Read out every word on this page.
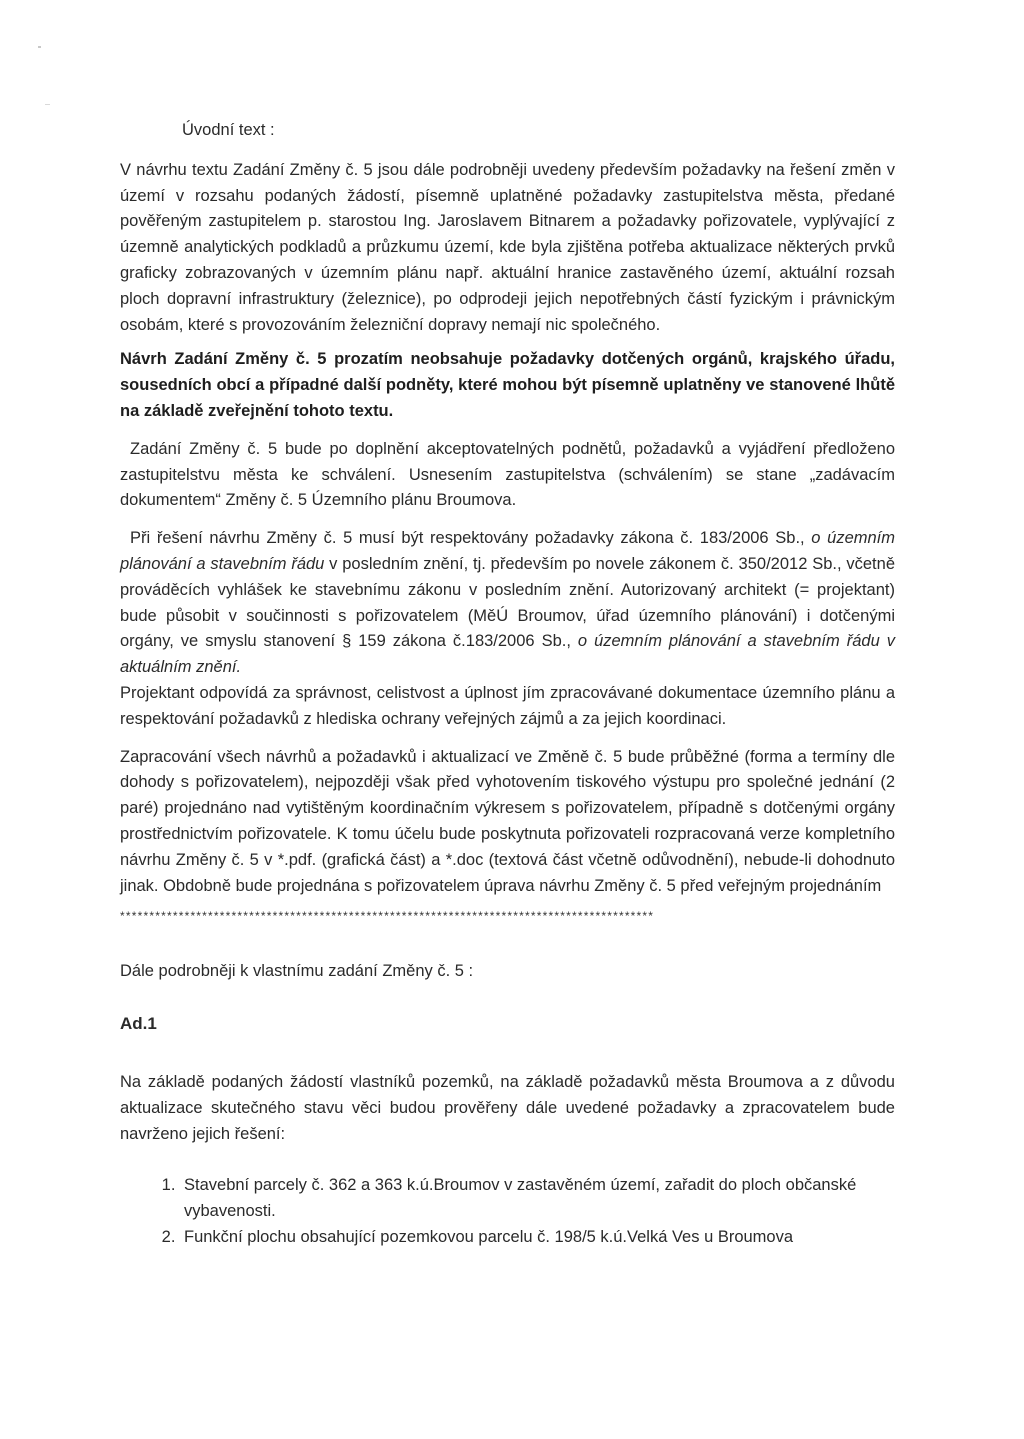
Úvodní text :

V návrhu textu Zadání Změny č. 5 jsou dále podrobněji uvedeny především požadavky na řešení změn v území v rozsahu podaných žádostí, písemně uplatněné požadavky zastupitelstva města, předané pověřeným zastupitelem p. starostou Ing. Jaroslavem Bitnarem a požadavky pořizovatele, vyplývající z územně analytických podkladů a průzkumu území, kde byla zjištěna potřeba aktualizace některých prvků graficky zobrazovaných v územním plánu např. aktuální hranice zastavěného území, aktuální rozsah ploch dopravní infrastruktury (železnice), po odprodeji jejich nepotřebných částí fyzickým i právnickým osobám, které s provozováním železniční dopravy nemají nic společného.

Návrh Zadání Změny č. 5 prozatím neobsahuje požadavky dotčených orgánů, krajského úřadu, sousedních obcí a případné další podněty, které mohou být písemně uplatněny ve stanovené lhůtě na základě zveřejnění tohoto textu.

Zadání Změny č. 5 bude po doplnění akceptovatelných podnětů, požadavků a vyjádření předloženo zastupitelstvu města ke schválení. Usnesením zastupitelstva (schválením) se stane „zadávacím dokumentem“ Změny č. 5 Územního plánu Broumova.

Při řešení návrhu Změny č. 5 musí být respektovány požadavky zákona č. 183/2006 Sb., o územním plánování a stavebním řádu v posledním znění, tj. především po novele zákonem č. 350/2012 Sb., včetně prováděcích vyhlášek ke stavebnímu zákonu v posledním znění. Autorizovaný architekt (= projektant) bude působit v součinnosti s pořizovatelem (MěÚ Broumov, úřad územního plánování) i dotčenými orgány, ve smyslu stanovení § 159 zákona č.183/2006 Sb., o územním plánování a stavebním řádu v aktuálním znění.

Projektant odpovídá za správnost, celistvost a úplnost jím zpracovávané dokumentace územního plánu a respektování požadavků z hlediska ochrany veřejných zájmů a za jejich koordinaci.

Zapracování všech návrhů a požadavků i aktualizací ve Změně č. 5 bude průběžné (forma a termíny dle dohody s pořizovatelem), nejpozději však před vyhotovením tiskového výstupu pro společné jednání (2 paré) projednáno nad vytištěným koordinačním výkresem s pořizovatelem, případně s dotčenými orgány prostřednictvím pořizovatele. K tomu účelu bude poskytnuta pořizovateli rozpracovaná verze kompletního návrhu Změny č. 5 v *.pdf. (grafická část) a *.doc (textová část včetně odůvodnění), nebude-li dohodnuto jinak. Obdobně bude projednána s pořizovatelem úprava návrhu Změny č. 5 před veřejným projednáním

*******************************************************************************************

Dále podrobněji k vlastnímu zadání Změny č. 5 :

Ad.1

Na základě podaných žádostí vlastníků pozemků, na základě požadavků města Broumova a z důvodu aktualizace skutečného stavu věci budou prověřeny dále uvedené požadavky a zpracovatelem bude navrženo jejich řešení:

1. Stavební parcely č. 362 a 363 k.ú.Broumov v zastavěném území, zařadit do ploch občanské vybavenosti.
2. Funkční plochu obsahující pozemkovou parcelu č. 198/5 k.ú.Velká Ves u Broumova
